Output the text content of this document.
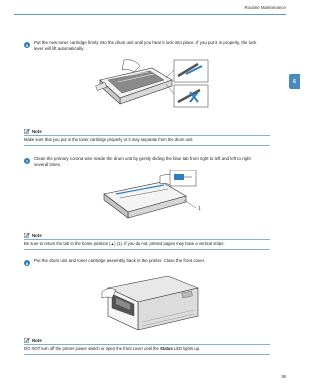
Routine Maintenance
6
6	Put the new toner cartridge firmly into the drum unit until you hear it lock into place. If you put it in properly, the lock lever will lift automatically.
Note
Make sure that you put in the toner cartridge properly or it may separate from the drum unit.
7	Clean the primary corona wire inside the drum unit by gently sliding the blue tab from right to left and left to right several times.
1
Note
Be sure to return the tab to the home position (▲) (1). If you do not, printed pages may have a vertical stripe.
8	Put the drum unit and toner cartridge assembly back in the printer. Close the front cover.
Note
DO NOT turn off the printer power switch or open the front cover until the Status LED lights up.
95
